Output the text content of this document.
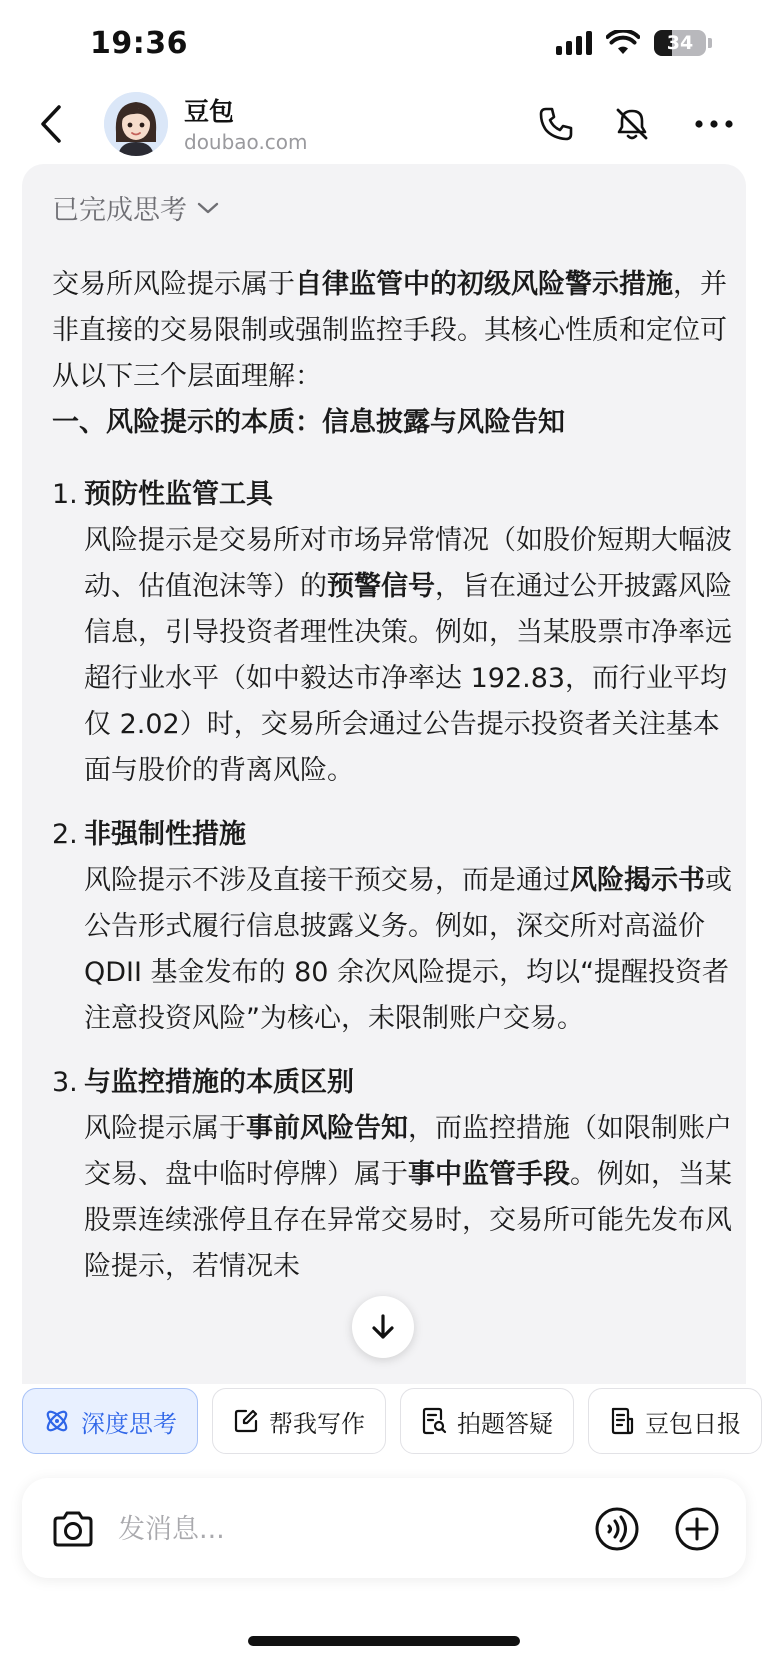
19:36	34
豆包
doubao.com
已完成思考

交易所风险提示属于自律监管中的初级风险警示措施，并非直接的交易限制或强制监控手段。其核心性质和定位可从以下三个层面理解：

一、风险提示的本质：信息披露与风险告知

1. 预防性监管工具
风险提示是交易所对市场异常情况（如股价短期大幅波动、估值泡沫等）的预警信号，旨在通过公开披露风险信息，引导投资者理性决策。例如，当某股票市净率远超行业水平（如中毅达市净率达 192.83，而行业平均仅 2.02）时，交易所会通过公告提示投资者关注基本面与股价的背离风险。
2. 非强制性措施
风险提示不涉及直接干预交易，而是通过风险揭示书或公告形式履行信息披露义务。例如，深交所对高溢价 QDII 基金发布的 80 余次风险提示，均以“提醒投资者注意投资风险”为核心，未限制账户交易。
3. 与监控措施的本质区别
风险提示属于事前风险告知，而监控措施（如限制账户交易、盘中临时停牌）属于事中监管手段。例如，当某股票连续涨停且存在异常交易时，交易所可能先发布风险提示，若情况未
深度思考	帮我写作	拍题答疑	豆包日报
发消息...
